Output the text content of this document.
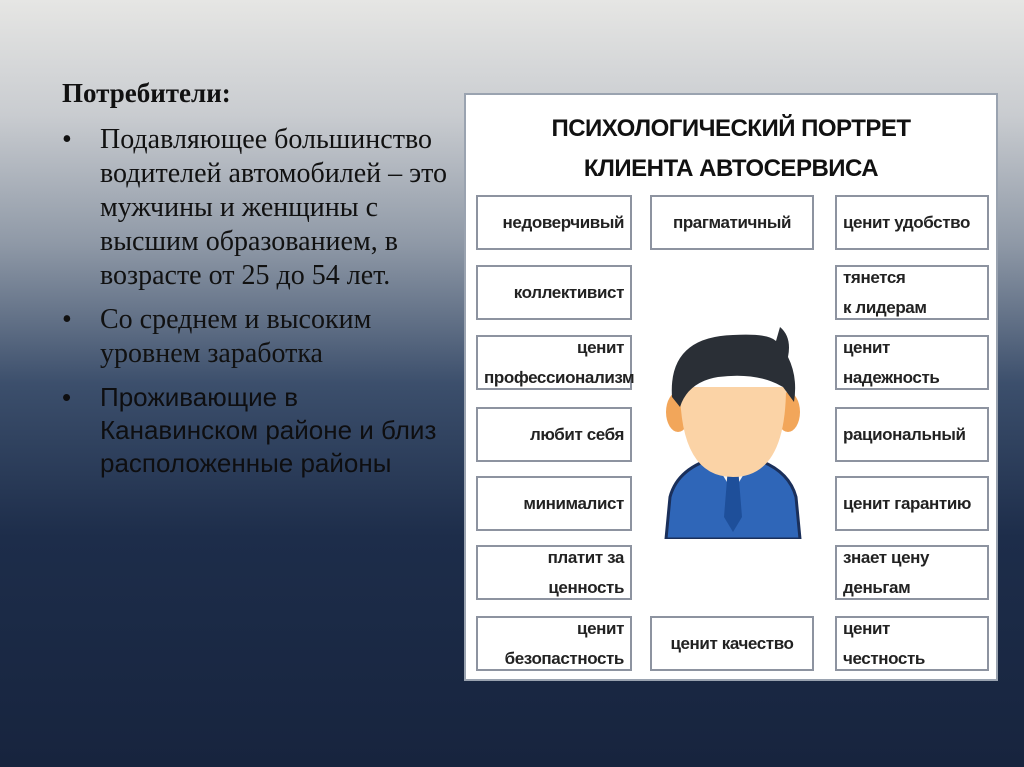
Потребители:
• Подавляющее большинство водителей автомобилей – это мужчины и женщины с высшим образованием, в возрасте от 25 до 54 лет.
• Со среднем и высоким уровнем заработка
• Проживающие в Канавинском районе и близ расположенные районы
ПСИХОЛОГИЧЕСКИЙ ПОРТРЕТ
КЛИЕНТА АВТОСЕРВИСА
недоверчивый
коллективист
ценит
профессионализм
любит себя
минималист
платит за
ценность
ценит
безопастность
ценит удобство
тянется
к лидерам
ценит
надежность
рациональный
ценит гарантию
знает цену
деньгам
ценит
честность
прагматичный
ценит качество
